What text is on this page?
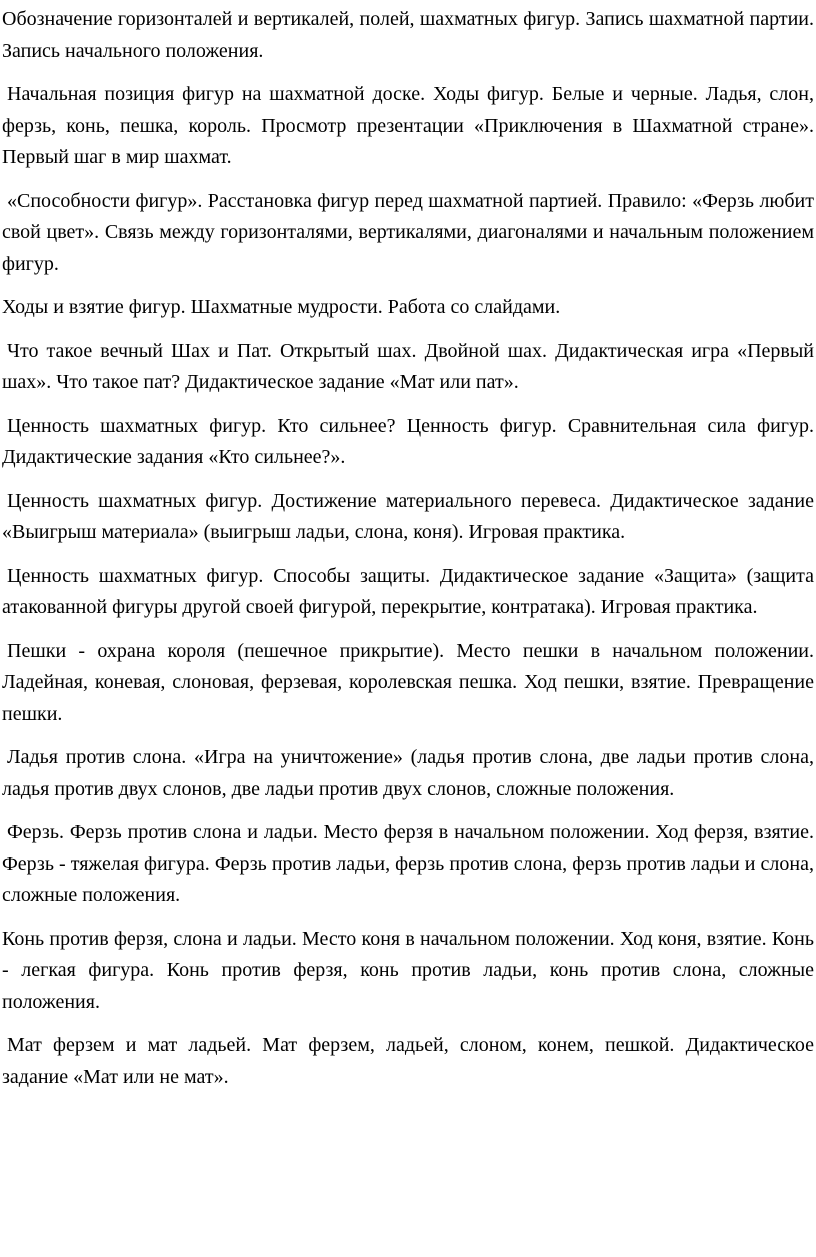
Обозначение горизонталей и вертикалей, полей, шахматных фигур. Запись шахматной партии. Запись начального положения.

Начальная позиция фигур на шахматной доске. Ходы фигур. Белые и черные. Ладья, слон, ферзь, конь, пешка, король. Просмотр презентации «Приключения в Шахматной стране». Первый шаг в мир шахмат.

«Способности фигур». Расстановка фигур перед шахматной партией. Правило: «Ферзь любит свой цвет». Связь между горизонталями, вертикалями, диагоналями и начальным положением фигур.

Ходы и взятие фигур. Шахматные мудрости. Работа со слайдами.

Что такое вечный Шах и Пат. Открытый шах. Двойной шах. Дидактическая игра «Первый шах». Что такое пат? Дидактическое задание «Мат или пат».

Ценность шахматных фигур. Кто сильнее? Ценность фигур. Сравнительная сила фигур. Дидактические задания «Кто сильнее?».

Ценность шахматных фигур. Достижение материального перевеса. Дидактическое задание «Выигрыш материала» (выигрыш ладьи, слона, коня). Игровая практика.

Ценность шахматных фигур. Способы защиты. Дидактическое задание «Защита» (защита атакованной фигуры другой своей фигурой, перекрытие, контратака). Игровая практика.

Пешки - охрана короля (пешечное прикрытие). Место пешки в начальном положении. Ладейная, коневая, слоновая, ферзевая, королевская пешка. Ход пешки, взятие. Превращение пешки.

Ладья против слона. «Игра на уничтожение» (ладья против слона, две ладьи против слона, ладья против двух слонов, две ладьи против двух слонов, сложные положения.

Ферзь. Ферзь против слона и ладьи. Место ферзя в начальном положении. Ход ферзя, взятие. Ферзь - тяжелая фигура. Ферзь против ладьи, ферзь против слона, ферзь против ладьи и слона, сложные положения.

Конь против ферзя, слона и ладьи. Место коня в начальном положении. Ход коня, взятие. Конь - легкая фигура. Конь против ферзя, конь против ладьи, конь против слона, сложные положения.

Мат ферзем и мат ладьей. Мат ферзем, ладьей, слоном, конем, пешкой. Дидактическое задание «Мат или не мат».
